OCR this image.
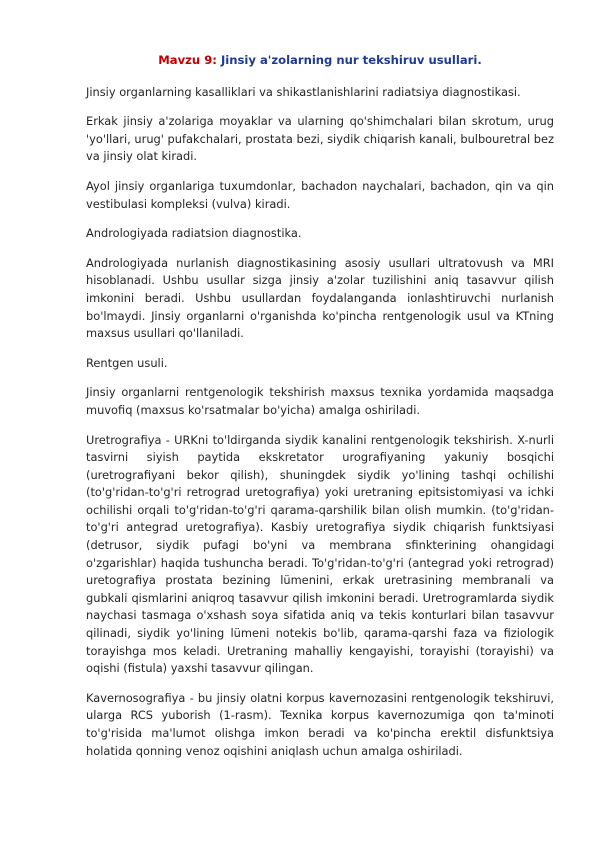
Mavzu 9: Jinsiy a'zolarning nur tekshiruv usullari.

Jinsiy organlarning kasalliklari va shikastlanishlarini radiatsiya diagnostikasi.

Erkak jinsiy a'zolariga moyaklar va ularning qo'shimchalari bilan skrotum, urug 'yo'llari, urug' pufakchalari, prostata bezi, siydik chiqarish kanali, bulbouretral bez va jinsiy olat kiradi.

Ayol jinsiy organlariga tuxumdonlar, bachadon naychalari, bachadon, qin va qin vestibulasi kompleksi (vulva) kiradi.

Andrologiyada radiatsion diagnostika.

Andrologiyada nurlanish diagnostikasining asosiy usullari ultratovush va MRI hisoblanadi. Ushbu usullar sizga jinsiy a'zolar tuzilishini aniq tasavvur qilish imkonini beradi. Ushbu usullardan foydalanganda ionlashtiruvchi nurlanish bo'lmaydi. Jinsiy organlarni o'rganishda ko'pincha rentgenologik usul va KTning maxsus usullari qo'llaniladi.

Rentgen usuli.

Jinsiy organlarni rentgenologik tekshirish maxsus texnika yordamida maqsadga muvofiq (maxsus ko'rsatmalar bo'yicha) amalga oshiriladi.

Uretrografiya - URKni to'ldirganda siydik kanalini rentgenologik tekshirish. X-nurli tasvirni siyish paytida ekskretator urografiyaning yakuniy bosqichi (uretrografiyani bekor qilish), shuningdek siydik yo'lining tashqi ochilishi (to'g'ridan-to'g'ri retrograd uretografiya) yoki uretraning epitsistomiyasi va ichki ochilishi orqali to'g'ridan-to'g'ri qarama-qarshilik bilan olish mumkin. (to'g'ridan-to'g'ri antegrad uretografiya). Kasbiy uretografiya siydik chiqarish funktsiyasi (detrusor, siydik pufagi bo'yni va membrana sfinkterining ohangidagi o'zgarishlar) haqida tushuncha beradi. To'g'ridan-to'g'ri (antegrad yoki retrograd) uretografiya prostata bezining lümenini, erkak uretrasining membranali va gubkali qismlarini aniqroq tasavvur qilish imkonini beradi. Uretrogramlarda siydik naychasi tasmaga o'xshash soya sifatida aniq va tekis konturlari bilan tasavvur qilinadi, siydik yo'lining lümeni notekis bo'lib, qarama-qarshi faza va fiziologik torayishga mos keladi. Uretraning mahalliy kengayishi, torayishi (torayishi) va oqishi (fistula) yaxshi tasavvur qilingan.

Kavernosografiya - bu jinsiy olatni korpus kavernozasini rentgenologik tekshiruvi, ularga RCS yuborish (1-rasm). Texnika korpus kavernozumiga qon ta'minoti to'g'risida ma'lumot olishga imkon beradi va ko'pincha erektil disfunktsiya holatida qonning venoz oqishini aniqlash uchun amalga oshiriladi.
